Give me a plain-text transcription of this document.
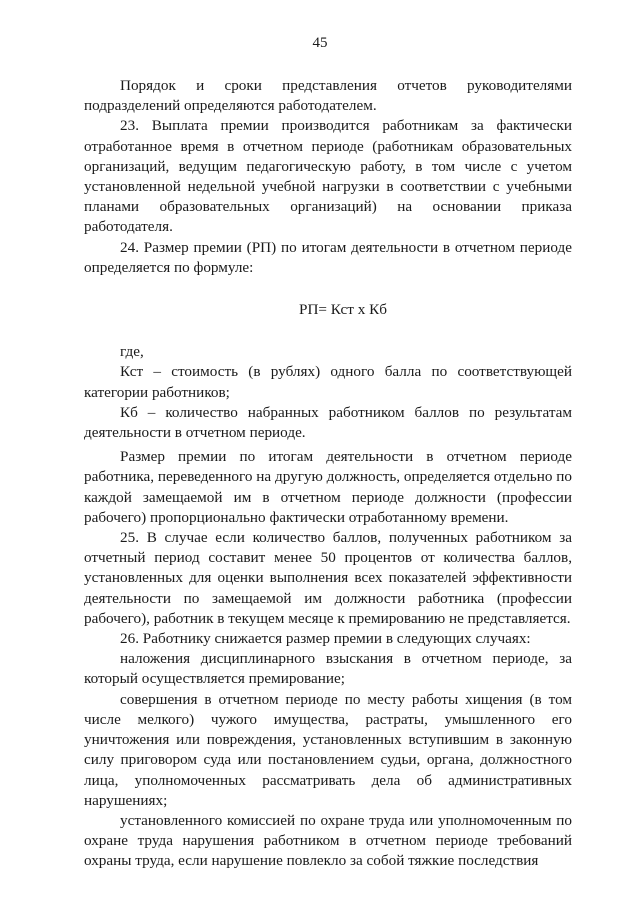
45

Порядок и сроки представления отчетов руководителями подразделений определяются работодателем.

23. Выплата премии производится работникам за фактически отработанное время в отчетном периоде (работникам образовательных организаций, ведущим педагогическую работу, в том числе с учетом установленной недельной учебной нагрузки в соответствии с учебными планами образовательных организаций) на основании приказа работодателя.

24. Размер премии (РП) по итогам деятельности в отчетном периоде определяется по формуле:

РП= Кст х Кб

где,

Кст – стоимость (в рублях) одного балла по соответствующей категории работников;

Кб – количество набранных работником баллов по результатам деятельности в отчетном периоде.

Размер премии по итогам деятельности в отчетном периоде работника, переведенного на другую должность, определяется отдельно по каждой замещаемой им в отчетном периоде должности (профессии рабочего) пропорционально фактически отработанному времени.

25. В случае если количество баллов, полученных работником за отчетный период составит менее 50 процентов от количества баллов, установленных для оценки выполнения всех показателей эффективности деятельности по замещаемой им должности работника (профессии рабочего), работник в текущем месяце к премированию не представляется.

26. Работнику снижается размер премии в следующих случаях:

наложения дисциплинарного взыскания в отчетном периоде, за который осуществляется премирование;

совершения в отчетном периоде по месту работы хищения (в том числе мелкого) чужого имущества, растраты, умышленного его уничтожения или повреждения, установленных вступившим в законную силу приговором суда или постановлением судьи, органа, должностного лица, уполномоченных рассматривать дела об административных нарушениях;

установленного комиссией по охране труда или уполномоченным по охране труда нарушения работником в отчетном периоде требований охраны труда, если нарушение повлекло за собой тяжкие последствия
